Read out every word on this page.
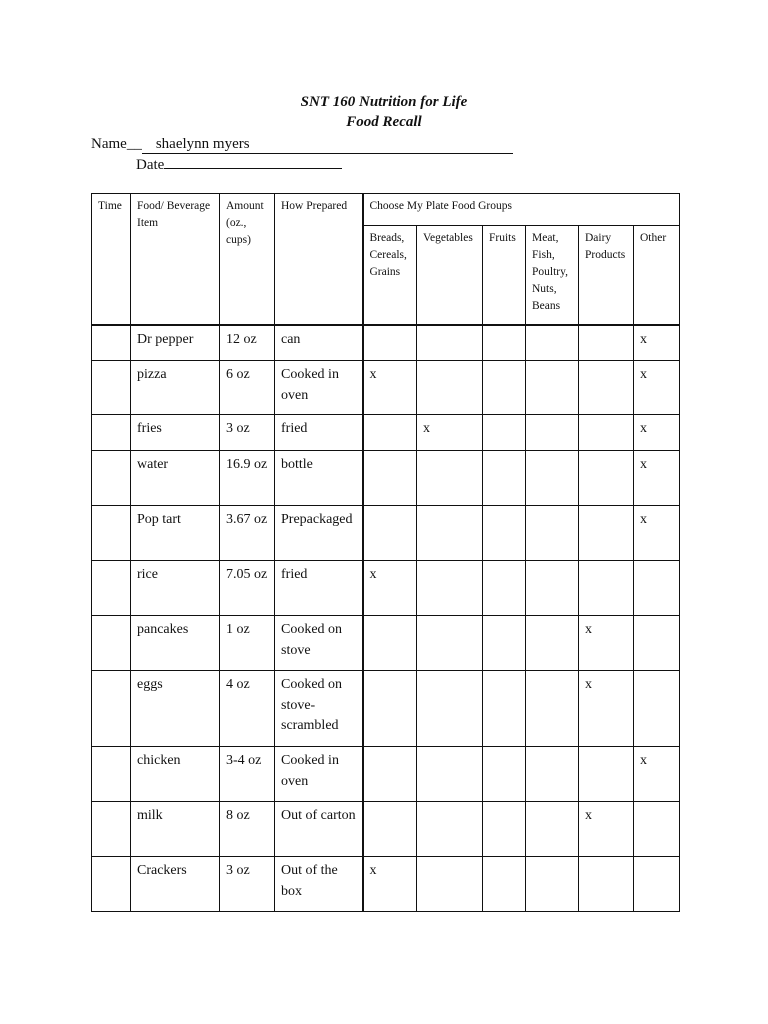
SNT 160 Nutrition for Life
Food Recall
Name__ shaelynn myers
Date
Time	Food/ Beverage Item	Amount (oz., cups)	How Prepared	Choose My Plate Food Groups					
				Breads, Cereals, Grains	Vegetables	Fruits	Meat, Fish, Poultry, Nuts, Beans	Dairy Products	Other
	Dr pepper	12 oz	can						x
	pizza	6 oz	Cooked in oven	x					x
	fries	3 oz	fried		x				x
	water	16.9 oz	bottle						x
	Pop tart	3.67 oz	Prepackaged						x
	rice	7.05 oz	fried	x					
	pancakes	1 oz	Cooked on stove					x	
	eggs	4 oz	Cooked on stove-scrambled					x	
	chicken	3-4 oz	Cooked in oven						x
	milk	8 oz	Out of carton					x	
	Crackers	3 oz	Out of the box	x					
